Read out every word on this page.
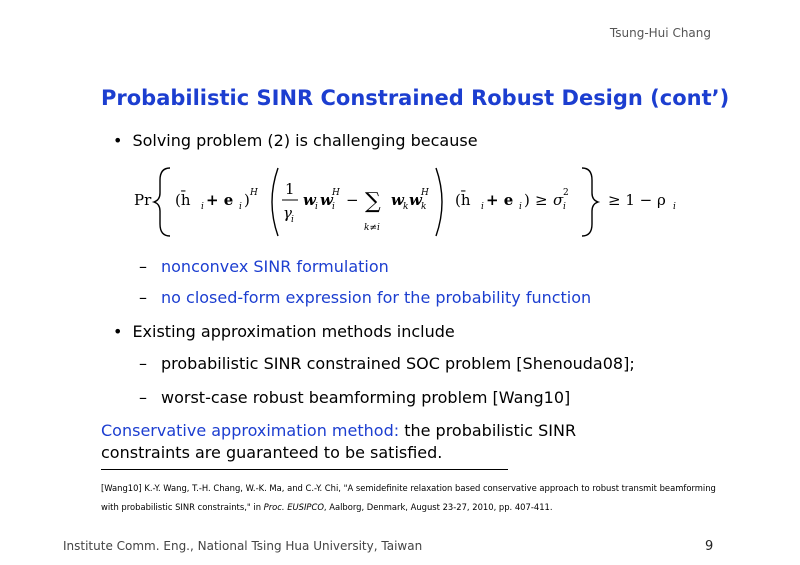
Tsung-Hui Chang
Probabilistic SINR Constrained Robust Design (cont’)
• Solving problem (2) is challenging because
Pr (h̄ i + e i ) H 1
γ i
w i w H
i − ∑
k≠i
w k w H
k (h̄ i + e i ) ≥ σ 2
i	≥ 1 − ρ i
– nonconvex SINR formulation
– no closed-form expression for the probability function
• Existing approximation methods include
– probabilistic SINR constrained SOC problem [Shenouda08];
– worst-case robust beamforming problem [Wang10]
Conservative approximation method: the probabilistic SINR constraints are guaranteed to be satisfied.
[Wang10] K.-Y. Wang, T.-H. Chang, W.-K. Ma, and C.-Y. Chi, "A semidefinite relaxation based conservative approach to robust transmit beamforming with probabilistic SINR constraints," in Proc. EUSIPCO, Aalborg, Denmark, August 23-27, 2010, pp. 407-411.
Institute Comm. Eng., National Tsing Hua University, Taiwan	9
